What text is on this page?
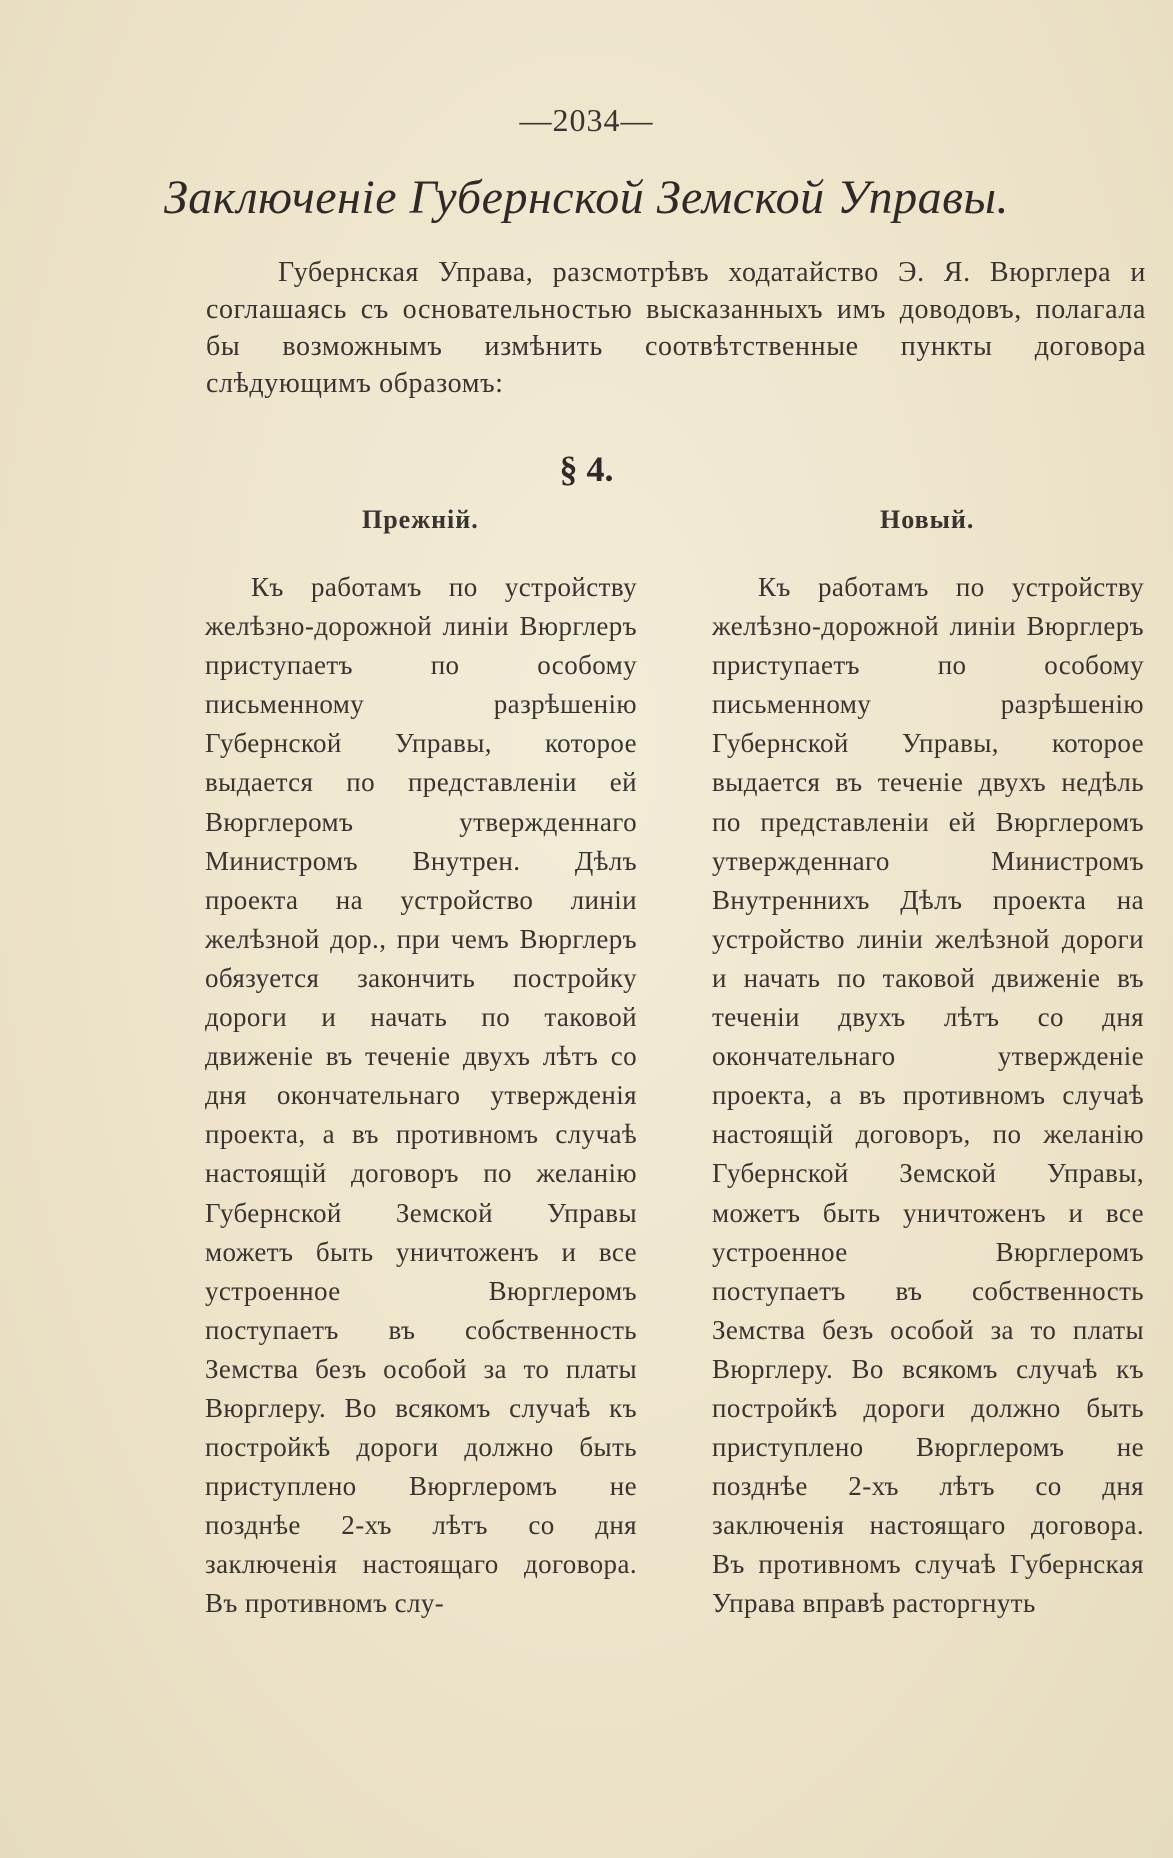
—2034—
Заключенiе Губернской Земской Управы.

Губернская Управа, разсмотрѣвъ ходатайство Э. Я. Вюрглера и соглашаясь съ основательностью высказанныхъ имъ доводовъ, полагала бы возможнымъ измѣнить соотвѣтственные пункты договора слѣдующимъ образомъ:

§ 4.
Прежнiй.	Новый.

Къ работамъ по устройству желѣзно-дорожной линiи Вюрглеръ приступаетъ по особому письменному разрѣшенiю Губернской Управы, которое выдается по представленiи ей Вюрглеромъ утвержденнаго Министромъ Внутрен. Дѣлъ проекта на устройство линiи желѣзной дор., при чемъ Вюрглеръ обязуется закончить постройку дороги и начать по таковой движенiе въ теченiе двухъ лѣтъ со дня окончательнаго утвержденiя проекта, а въ противномъ случаѣ настоящiй договоръ по желанiю Губернской Земской Управы можетъ быть уничтоженъ и все устроенное Вюрглеромъ поступаетъ въ собственность Земства безъ особой за то платы Вюрглеру. Во всякомъ случаѣ къ постройкѣ дороги должно быть приступлено Вюрглеромъ не позднѣе 2-хъ лѣтъ со дня заключенiя настоящаго договора. Въ противномъ слу-

Къ работамъ по устройству желѣзно-дорожной линiи Вюрглеръ приступаетъ по особому письменному разрѣшенiю Губернской Управы, которое выдается въ теченiе двухъ недѣль по представленiи ей Вюрглеромъ утвержденнаго Министромъ Внутреннихъ Дѣлъ проекта на устройство линiи желѣзной дороги и начать по таковой движенiе въ теченiи двухъ лѣтъ со дня окончательнаго утвержденiе проекта, а въ противномъ случаѣ настоящiй договоръ, по желанiю Губернской Земской Управы, можетъ быть уничтоженъ и все устроенное Вюрглеромъ поступаетъ въ собственность Земства безъ особой за то платы Вюрглеру. Во всякомъ случаѣ къ постройкѣ дороги должно быть приступлено Вюрглеромъ не позднѣе 2-хъ лѣтъ со дня заключенiя настоящаго договора. Въ противномъ случаѣ Губернская Управа вправѣ расторгнуть
